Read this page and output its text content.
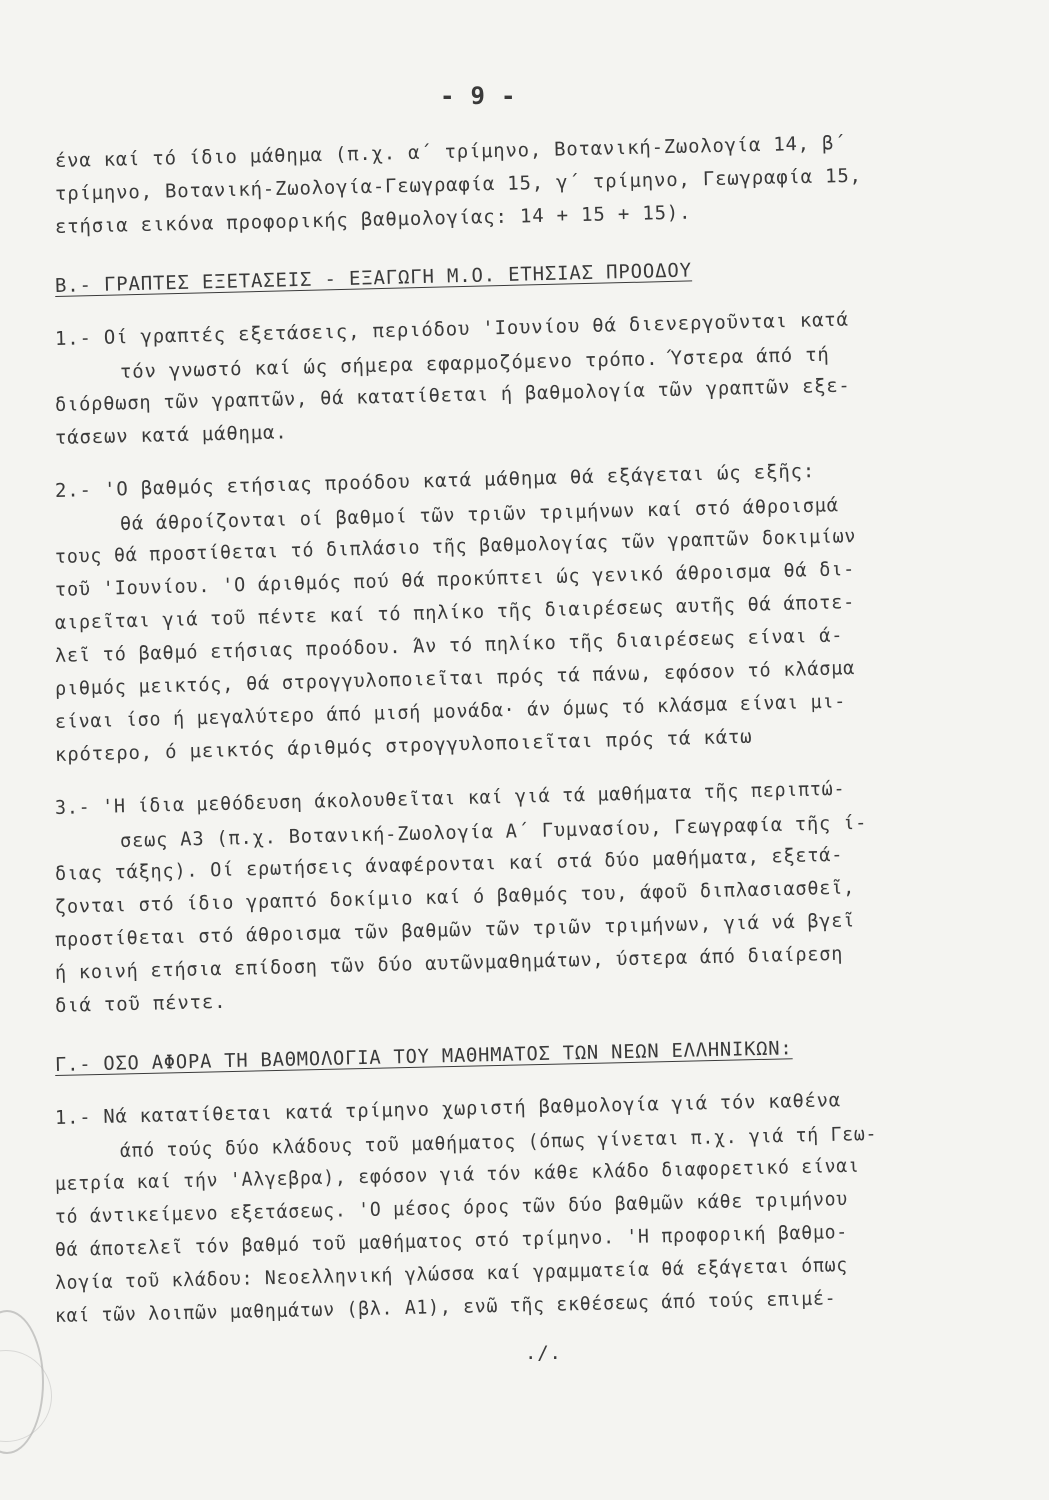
- 9 -
ένα καί τό ίδιο μάθημα (π.χ. α΄ τρίμηνο, Βοτανική-Ζωολογία 14, β΄
τρίμηνο, Βοτανική-Ζωολογία-Γεωγραφία 15, γ΄ τρίμηνο, Γεωγραφία 15,
ετήσια εικόνα προφορικής βαθμολογίας: 14 + 15 + 15).
Β.- ΓΡΑΠΤΕΣ ΕΞΕΤΑΣΕΙΣ - ΕΞΑΓΩΓΗ Μ.Ο. ΕΤΗΣΙΑΣ ΠΡΟΟΔΟΥ
1.- Οί γραπτές εξετάσεις, περιόδου 'Ιουνίου θά διενεργοῦνται κατά
τόν γνωστό καί ώς σήμερα εφαρμοζόμενο τρόπο. Ύστερα άπό τή
διόρθωση τῶν γραπτῶν, θά κατατίθεται ή βαθμολογία τῶν γραπτῶν εξε-
τάσεων κατά μάθημα.
2.- 'Ο βαθμός ετήσιας προόδου κατά μάθημα θά εξάγεται ώς εξῆς:
θά άθροίζονται οί βαθμοί τῶν τριῶν τριμήνων καί στό άθροισμά
τους θά προστίθεται τό διπλάσιο τῆς βαθμολογίας τῶν γραπτῶν δοκιμίων
τοῦ 'Ιουνίου. 'Ο άριθμός πού θά προκύπτει ώς γενικό άθροισμα θά δι-
αιρεῖται γιά τοῦ πέντε καί τό πηλίκο τῆς διαιρέσεως αυτῆς θά άποτε-
λεῖ τό βαθμό ετήσιας προόδου. Άν τό πηλίκο τῆς διαιρέσεως είναι ά-
ριθμός μεικτός, θά στρογγυλοποιεῖται πρός τά πάνω, εφόσον τό κλάσμα
είναι ίσο ή μεγαλύτερο άπό μισή μονάδα· άν όμως τό κλάσμα είναι μι-
κρότερο, ό μεικτός άριθμός στρογγυλοποιεῖται πρός τά κάτω
3.- 'Η ίδια μεθόδευση άκολουθεῖται καί γιά τά μαθήματα τῆς περιπτώ-
σεως Α3 (π.χ. Βοτανική-Ζωολογία Α΄ Γυμνασίου, Γεωγραφία τῆς ί-
διας τάξης). Οί ερωτήσεις άναφέρονται καί στά δύο μαθήματα, εξετά-
ζονται στό ίδιο γραπτό δοκίμιο καί ό βαθμός του, άφοῦ διπλασιασθεῖ,
προστίθεται στό άθροισμα τῶν βαθμῶν τῶν τριῶν τριμήνων, γιά νά βγεῖ
ή κοινή ετήσια επίδοση τῶν δύο αυτῶνμαθημάτων, ύστερα άπό διαίρεση
διά τοῦ πέντε.
Γ.- ΟΣΟ ΑΦΟΡΑ ΤΗ ΒΑΘΜΟΛΟΓΙΑ ΤΟΥ ΜΑΘΗΜΑΤΟΣ ΤΩΝ ΝΕΩΝ ΕΛΛΗΝΙΚΩΝ:
1.- Νά κατατίθεται κατά τρίμηνο χωριστή βαθμολογία γιά τόν καθένα
άπό τούς δύο κλάδους τοῦ μαθήματος (όπως γίνεται π.χ. γιά τή Γεω-
μετρία καί τήν 'Αλγεβρα), εφόσον γιά τόν κάθε κλάδο διαφορετικό είναι
τό άντικείμενο εξετάσεως. 'Ο μέσος όρος τῶν δύο βαθμῶν κάθε τριμήνου
θά άποτελεῖ τόν βαθμό τοῦ μαθήματος στό τρίμηνο. 'Η προφορική βαθμο-
λογία τοῦ κλάδου: Νεοελληνική γλώσσα καί γραμματεία θά εξάγεται όπως
καί τῶν λοιπῶν μαθημάτων (βλ. Α1), ενῶ τῆς εκθέσεως άπό τούς επιμέ-
./.
